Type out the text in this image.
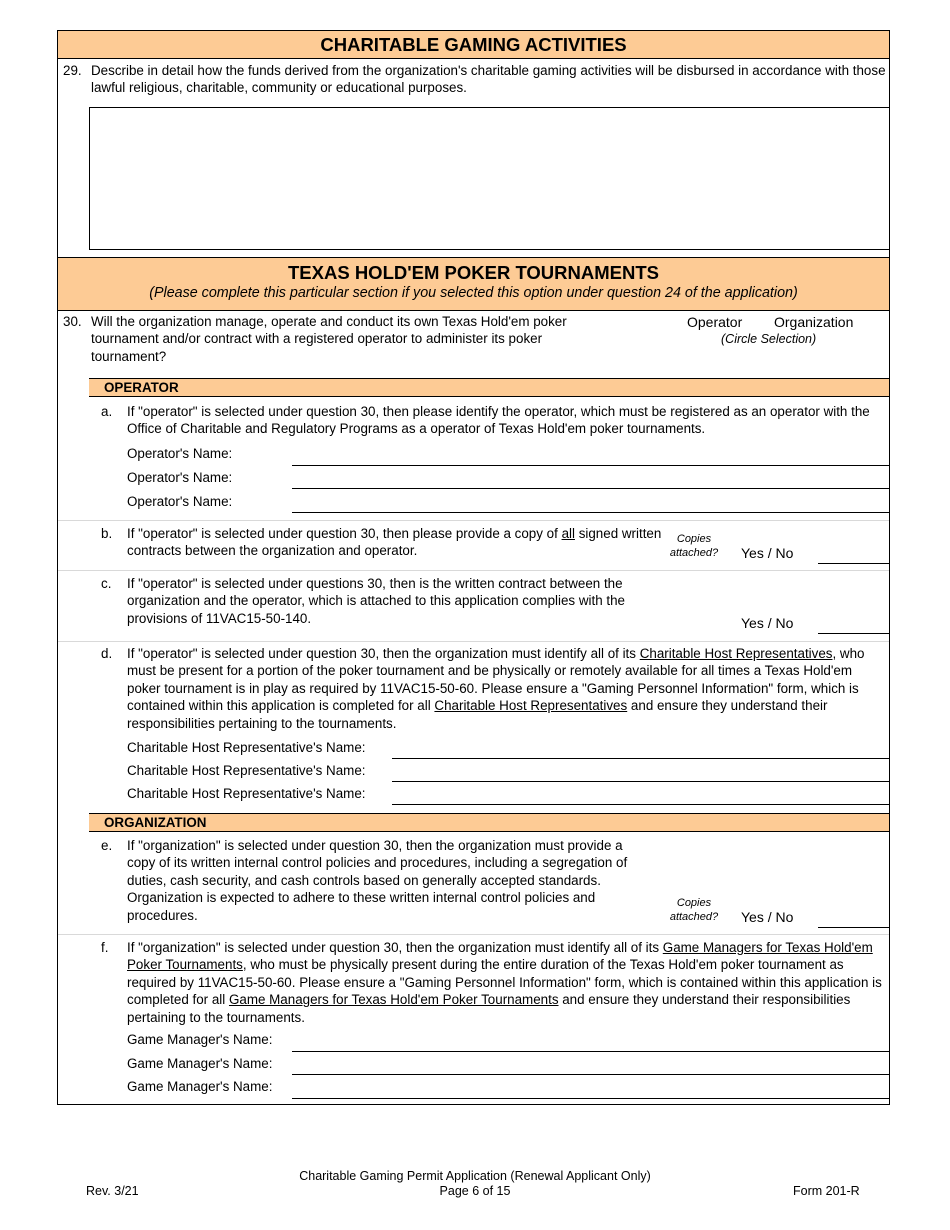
CHARITABLE GAMING ACTIVITIES
29. Describe in detail how the funds derived from the organization's charitable gaming activities will be disbursed in accordance with those lawful religious, charitable, community or educational purposes.
TEXAS HOLD'EM POKER TOURNAMENTS
(Please complete this particular section if you selected this option under question 24 of the application)
30. Will the organization manage, operate and conduct its own Texas Hold'em poker tournament and/or contract with a registered operator to administer its poker tournament?
Operator Organization
(Circle Selection)
OPERATOR
a. If "operator" is selected under question 30, then please identify the operator, which must be registered as an operator with the Office of Charitable and Regulatory Programs as a operator of Texas Hold'em poker tournaments.
Operator's Name:
Operator's Name:
Operator's Name:
b. If "operator" is selected under question 30, then please provide a copy of all signed written contracts between the organization and operator.
Copies
attached?	Yes / No
c. If "operator" is selected under questions 30, then is the written contract between the organization and the operator, which is attached to this application complies with the provisions of 11VAC15-50-140.	Yes / No
d. If "operator" is selected under question 30, then the organization must identify all of its Charitable Host Representatives, who must be present for a portion of the poker tournament and be physically or remotely available for all times a Texas Hold'em poker tournament is in play as required by 11VAC15-50-60. Please ensure a "Gaming Personnel Information" form, which is contained within this application is completed for all Charitable Host Representatives and ensure they understand their responsibilities pertaining to the tournaments.
Charitable Host Representative's Name:
Charitable Host Representative's Name:
Charitable Host Representative's Name:
ORGANIZATION
e. If "organization" is selected under question 30, then the organization must provide a copy of its written internal control policies and procedures, including a segregation of duties, cash security, and cash controls based on generally accepted standards. Organization is expected to adhere to these written internal control policies and procedures.
Copies
attached?	Yes / No
f. If "organization" is selected under question 30, then the organization must identify all of its Game Managers for Texas Hold'em Poker Tournaments, who must be physically present during the entire duration of the Texas Hold'em poker tournament as required by 11VAC15-50-60. Please ensure a "Gaming Personnel Information" form, which is contained within this application is completed for all Game Managers for Texas Hold'em Poker Tournaments and ensure they understand their responsibilities pertaining to the tournaments.
Game Manager's Name:
Game Manager's Name:
Game Manager's Name:
Rev. 3/21
Charitable Gaming Permit Application (Renewal Applicant Only)
Page 6 of 15	Form 201-R
